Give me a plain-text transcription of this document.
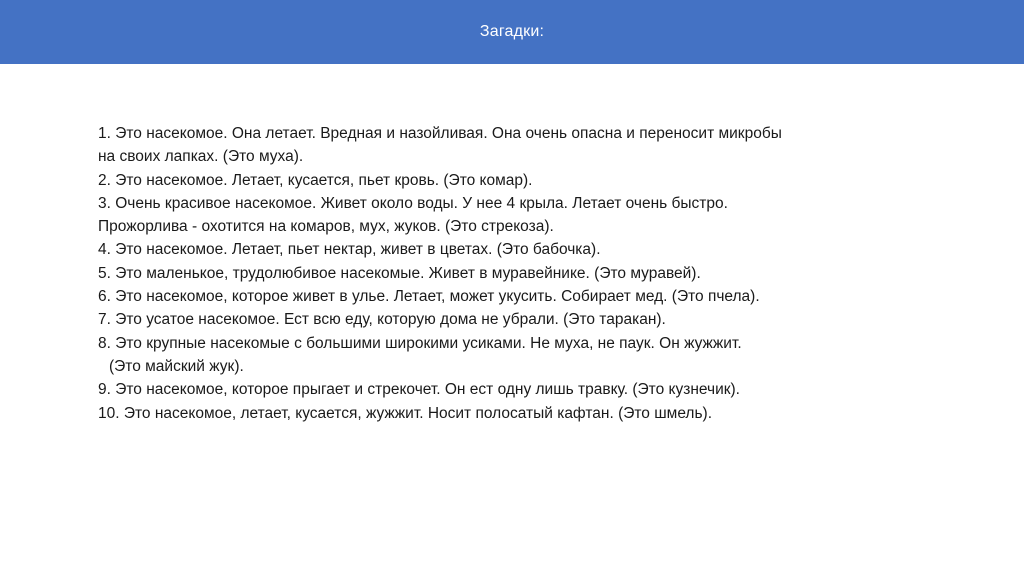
Загадки:
1. Это насекомое. Она летает. Вредная и назойливая. Она очень опасна и переносит микробы
на своих лапках. (Это муха).
2. Это насекомое. Летает, кусается, пьет кровь. (Это комар).
3. Очень красивое насекомое. Живет около воды. У нее 4 крыла. Летает очень быстро.
Прожорлива - охотится на комаров, мух, жуков. (Это стрекоза).
4. Это насекомое. Летает, пьет нектар, живет в цветах. (Это бабочка).
5. Это маленькое, трудолюбивое насекомые. Живет в муравейнике. (Это муравей).
6. Это насекомое, которое живет в улье. Летает, может укусить. Собирает мед. (Это пчела).
7. Это усатое насекомое. Ест всю еду, которую дома не убрали. (Это таракан).
8. Это крупные насекомые с большими широкими усиками. Не муха, не паук. Он жужжит.
(Это майский жук).
9. Это насекомое, которое прыгает и стрекочет. Он ест одну лишь травку. (Это кузнечик).
10. Это насекомое, летает, кусается, жужжит. Носит полосатый кафтан. (Это шмель).
